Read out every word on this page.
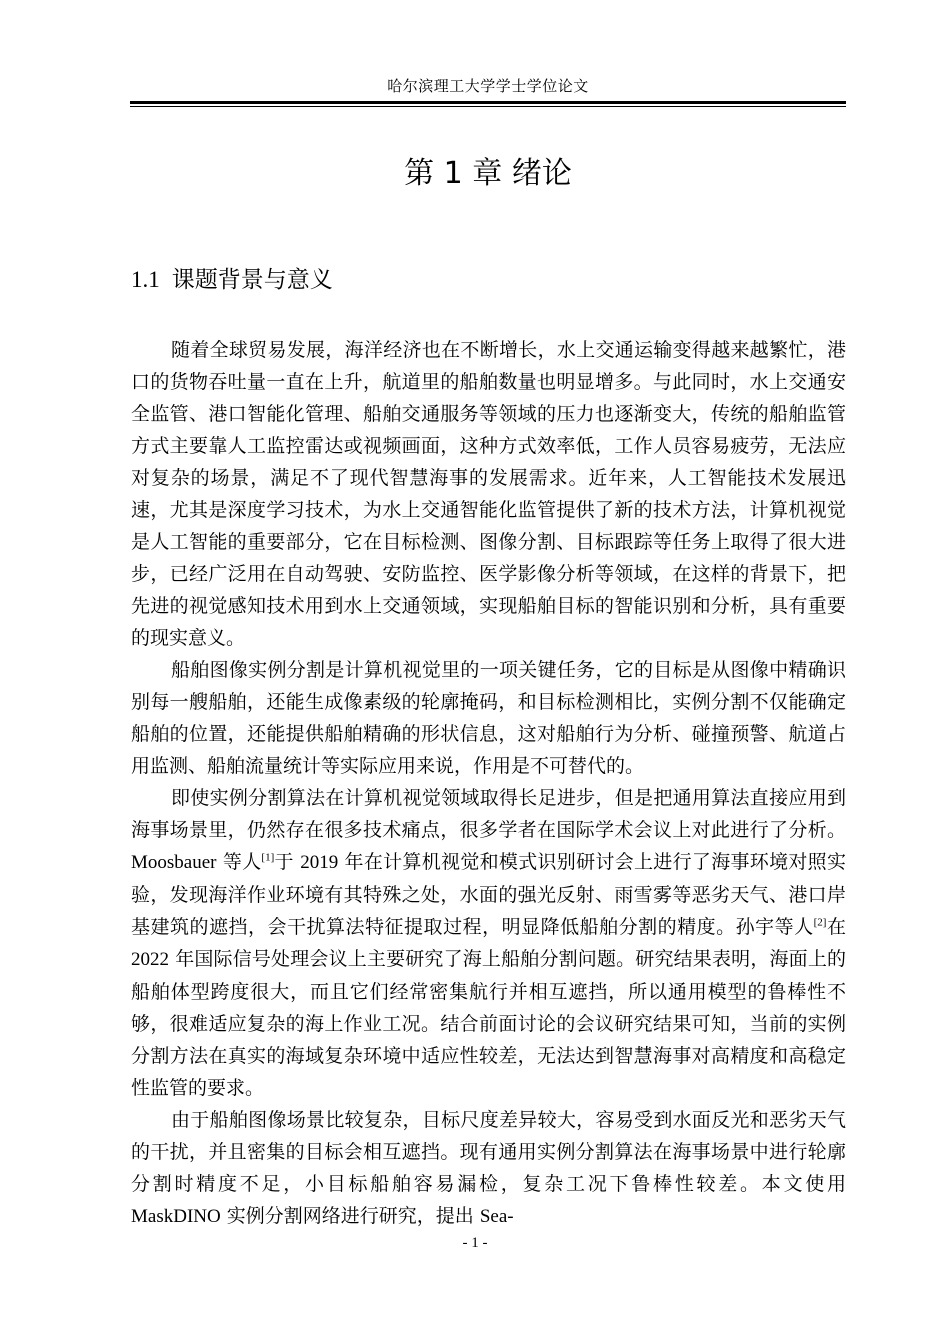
哈尔滨理工大学学士学位论文
第 1 章 绪论
1.1 课题背景与意义

随着全球贸易发展，海洋经济也在不断增长，水上交通运输变得越来越繁忙，港口的货物吞吐量一直在上升，航道里的船舶数量也明显增多。与此同时，水上交通安全监管、港口智能化管理、船舶交通服务等领域的压力也逐渐变大，传统的船舶监管方式主要靠人工监控雷达或视频画面，这种方式效率低，工作人员容易疲劳，无法应对复杂的场景，满足不了现代智慧海事的发展需求。近年来，人工智能技术发展迅速，尤其是深度学习技术，为水上交通智能化监管提供了新的技术方法，计算机视觉是人工智能的重要部分，它在目标检测、图像分割、目标跟踪等任务上取得了很大进步，已经广泛用在自动驾驶、安防监控、医学影像分析等领域，在这样的背景下，把先进的视觉感知技术用到水上交通领域，实现船舶目标的智能识别和分析，具有重要的现实意义。

船舶图像实例分割是计算机视觉里的一项关键任务，它的目标是从图像中精确识别每一艘船舶，还能生成像素级的轮廓掩码，和目标检测相比，实例分割不仅能确定船舶的位置，还能提供船舶精确的形状信息，这对船舶行为分析、碰撞预警、航道占用监测、船舶流量统计等实际应用来说，作用是不可替代的。

即使实例分割算法在计算机视觉领域取得长足进步，但是把通用算法直接应用到海事场景里，仍然存在很多技术痛点，很多学者在国际学术会议上对此进行了分析。Moosbauer 等人[1]于 2019 年在计算机视觉和模式识别研讨会上进行了海事环境对照实验，发现海洋作业环境有其特殊之处，水面的强光反射、雨雪雾等恶劣天气、港口岸基建筑的遮挡，会干扰算法特征提取过程，明显降低船舶分割的精度。孙宇等人[2]在 2022 年国际信号处理会议上主要研究了海上船舶分割问题。研究结果表明，海面上的船舶体型跨度很大，而且它们经常密集航行并相互遮挡，所以通用模型的鲁棒性不够，很难适应复杂的海上作业工况。结合前面讨论的会议研究结果可知，当前的实例分割方法在真实的海域复杂环境中适应性较差，无法达到智慧海事对高精度和高稳定性监管的要求。

由于船舶图像场景比较复杂，目标尺度差异较大，容易受到水面反光和恶劣天气的干扰，并且密集的目标会相互遮挡。现有通用实例分割算法在海事场景中进行轮廓分割时精度不足，小目标船舶容易漏检，复杂工况下鲁棒性较差。本文使用 MaskDINO 实例分割网络进行研究，提出 Sea-

- 1 -
